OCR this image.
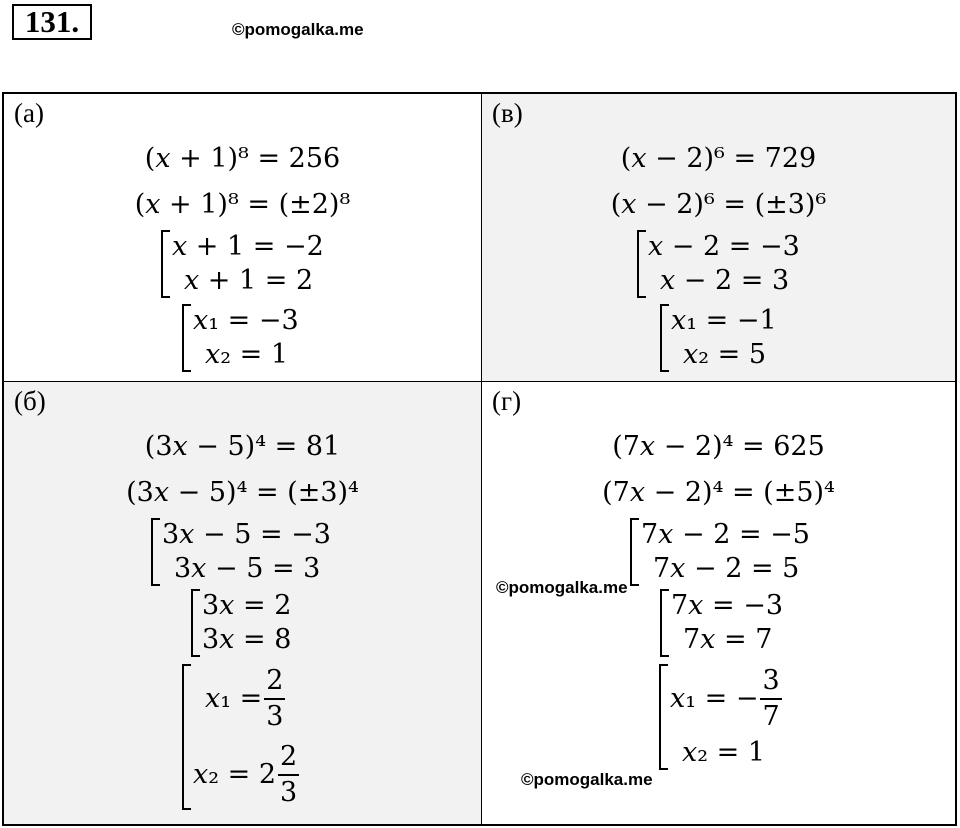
131.	©pomogalka.me
(а)
(𝑥 + 1)⁸ = 256
(𝑥 + 1)⁸ = (±2)⁸
𝑥 + 1 = −2
𝑥 + 1 = 2
𝑥₁ = −3
𝑥₂ = 1
(в)
(𝑥 − 2)⁶ = 729
(𝑥 − 2)⁶ = (±3)⁶
𝑥 − 2 = −3
𝑥 − 2 = 3
𝑥₁ = −1
𝑥₂ = 5
(б)
(3𝑥 − 5)⁴ = 81
(3𝑥 − 5)⁴ = (±3)⁴
3𝑥 − 5 = −3
3𝑥 − 5 = 3
3𝑥 = 2
3𝑥 = 8
𝑥₁ = $\frac{2}{3}$
𝑥₂ = $2 \frac{2}{3}$
(г)
(7𝑥 − 2)⁴ = 625
(7𝑥 − 2)⁴ = (±5)⁴
7𝑥 − 2 = −5
7𝑥 − 2 = 5
7𝑥 = −3
7𝑥 = 7
𝑥₁ = − $\frac{3}{7}$
𝑥₂ = 1
©pomogalka.me
©pomogalka.me
